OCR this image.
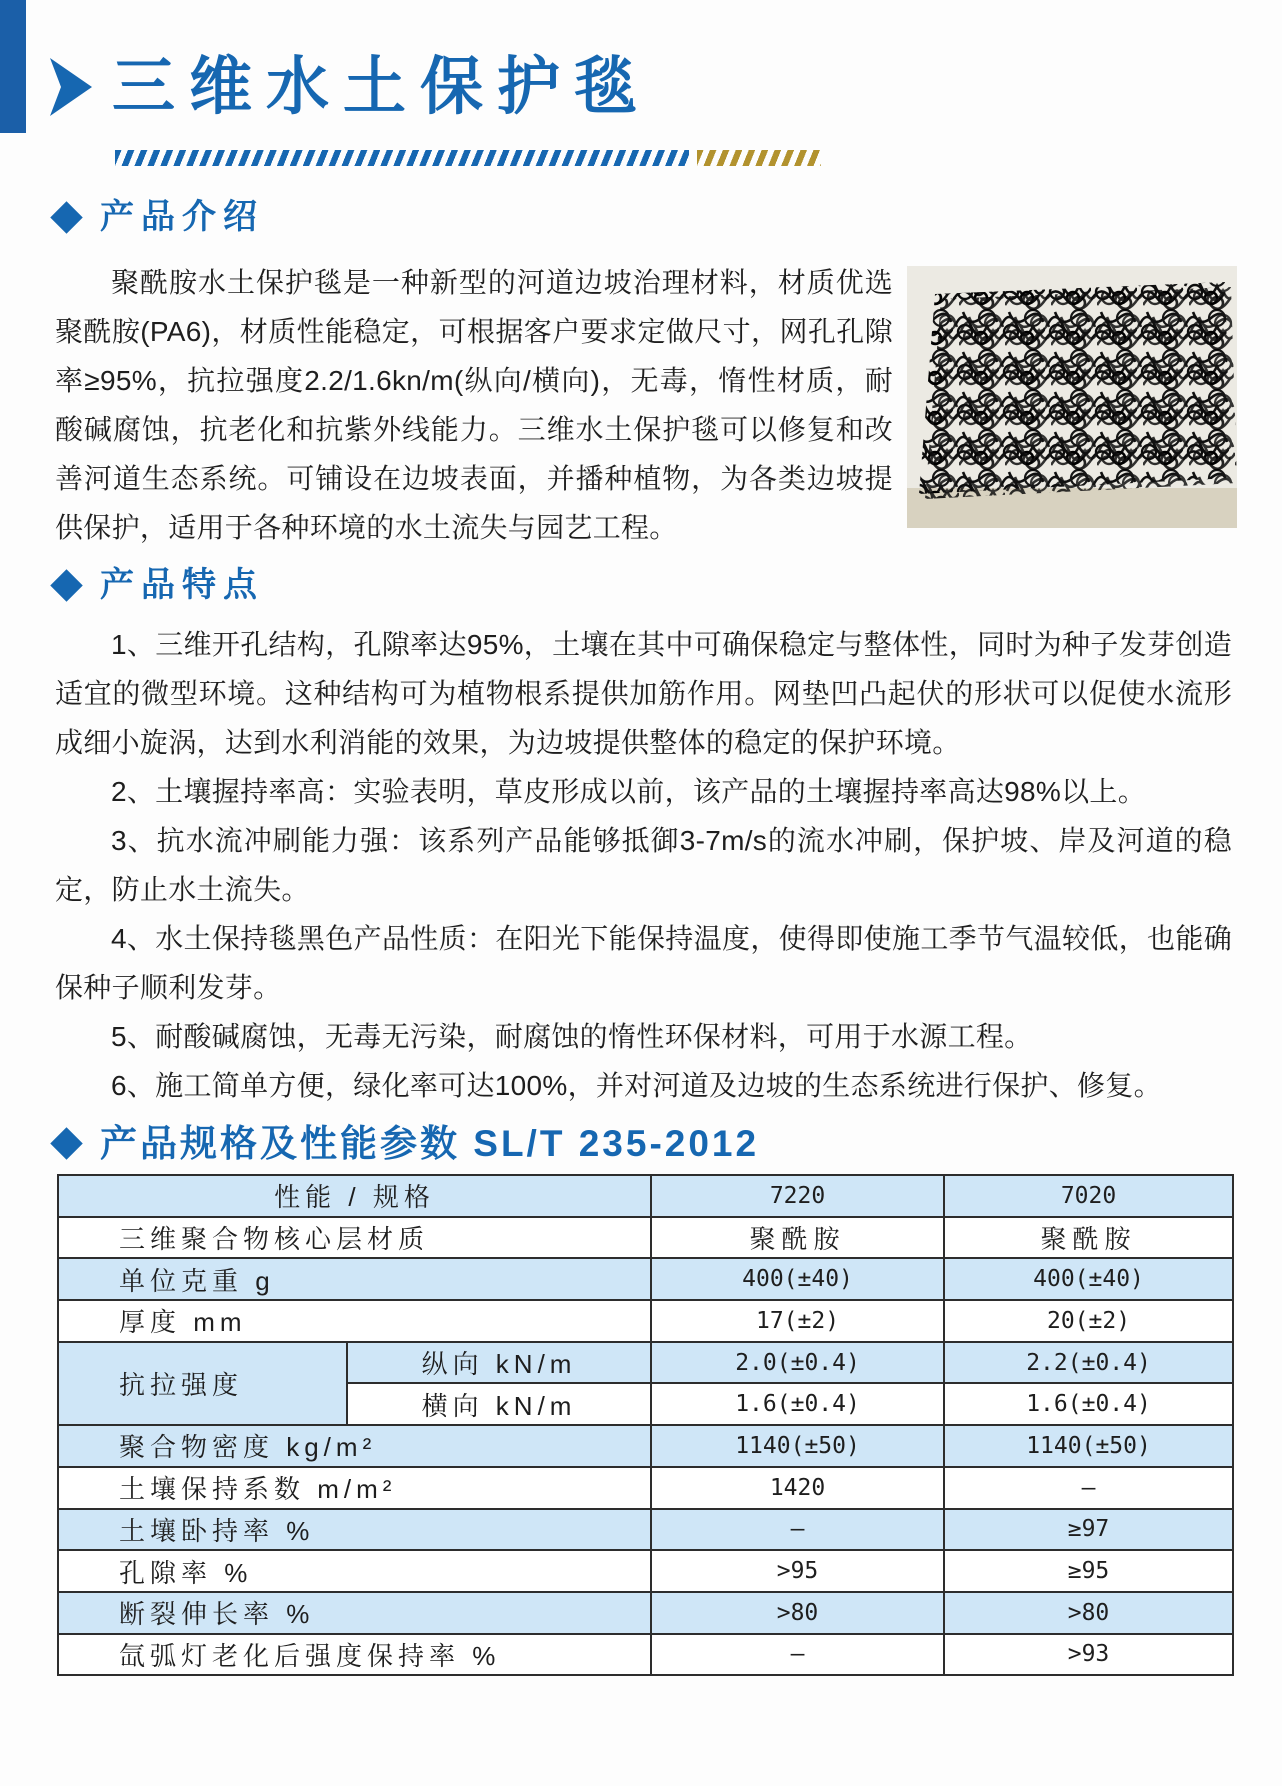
三维水土保护毯
产品介绍

聚酰胺水土保护毯是一种新型的河道边坡治理材料，材质优选聚酰胺(PA6)，材质性能稳定，可根据客户要求定做尺寸，网孔孔隙率≥95%，抗拉强度2.2/1.6kn/m(纵向/横向)，无毒，惰性材质，耐酸碱腐蚀，抗老化和抗紫外线能力。三维水土保护毯可以修复和改善河道生态系统。可铺设在边坡表面，并播种植物，为各类边坡提供保护，适用于各种环境的水土流失与园艺工程。

产品特点

1、三维开孔结构，孔隙率达95%，土壤在其中可确保稳定与整体性，同时为种子发芽创造适宜的微型环境。这种结构可为植物根系提供加筋作用。网垫凹凸起伏的形状可以促使水流形成细小旋涡，达到水利消能的效果，为边坡提供整体的稳定的保护环境。

2、土壤握持率高：实验表明，草皮形成以前，该产品的土壤握持率高达98%以上。

3、抗水流冲刷能力强：该系列产品能够抵御3-7m/s的流水冲刷，保护坡、岸及河道的稳定，防止水土流失。

4、水土保持毯黑色产品性质：在阳光下能保持温度，使得即使施工季节气温较低，也能确保种子顺利发芽。

5、耐酸碱腐蚀，无毒无污染，耐腐蚀的惰性环保材料，可用于水源工程。

6、施工简单方便，绿化率可达100%，并对河道及边坡的生态系统进行保护、修复。

产品规格及性能参数 SL/T 235-2012
性能 / 规格		7220	7020
三维聚合物核心层材质		聚酰胺	聚酰胺
单位克重 g		400(±40)	400(±40)
厚度 mm		17(±2)	20(±2)
抗拉强度	纵向 kN/m	2.0(±0.4)	2.2(±0.4)
	横向 kN/m	1.6(±0.4)	1.6(±0.4)
聚合物密度 kg/m²		1140(±50)	1140(±50)
土壤保持系数 m/m²		1420	–
土壤卧持率 %		–	≥97
孔隙率 %		>95	≥95
断裂伸长率 %		>80	>80
氙弧灯老化后强度保持率 %		–	>93
